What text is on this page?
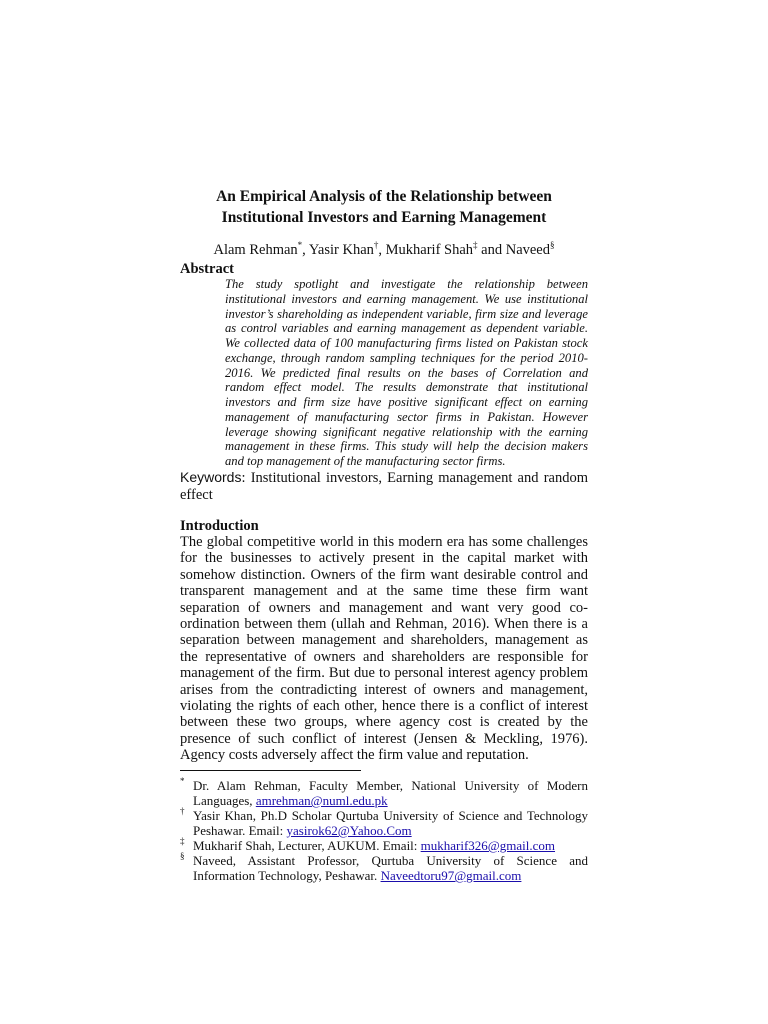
An Empirical Analysis of the Relationship between
Institutional Investors and Earning Management
Alam Rehman*, Yasir Khan†, Mukharif Shah‡ and Naveed§
Abstract
The study spotlight and investigate the relationship between institutional investors and earning management. We use institutional investor’s shareholding as independent variable, firm size and leverage as control variables and earning management as dependent variable. We collected data of 100 manufacturing firms listed on Pakistan stock exchange, through random sampling techniques for the period 2010-2016. We predicted final results on the bases of Correlation and random effect model. The results demonstrate that institutional investors and firm size have positive significant effect on earning management of manufacturing sector firms in Pakistan. However leverage showing significant negative relationship with the earning management in these firms. This study will help the decision makers and top management of the manufacturing sector firms.
Keywords: Institutional investors, Earning management and random effect
Introduction
The global competitive world in this modern era has some challenges for the businesses to actively present in the capital market with somehow distinction. Owners of the firm want desirable control and transparent management and at the same time these firm want separation of owners and management and want very good co-ordination between them (ullah and Rehman, 2016). When there is a separation between management and shareholders, management as the representative of owners and shareholders are responsible for management of the firm. But due to personal interest agency problem arises from the contradicting interest of owners and management, violating the rights of each other, hence there is a conflict of interest between these two groups, where agency cost is created by the presence of such conflict of interest (Jensen & Meckling, 1976). Agency costs adversely affect the firm value and reputation.
* Dr. Alam Rehman, Faculty Member, National University of Modern Languages, amrehman@numl.edu.pk
† Yasir Khan, Ph.D Scholar Qurtuba University of Science and Technology Peshawar. Email: yasirok62@Yahoo.Com
‡ Mukharif Shah, Lecturer, AUKUM. Email: mukharif326@gmail.com
§ Naveed, Assistant Professor, Qurtuba University of Science and Information Technology, Peshawar. Naveedtoru97@gmail.com
